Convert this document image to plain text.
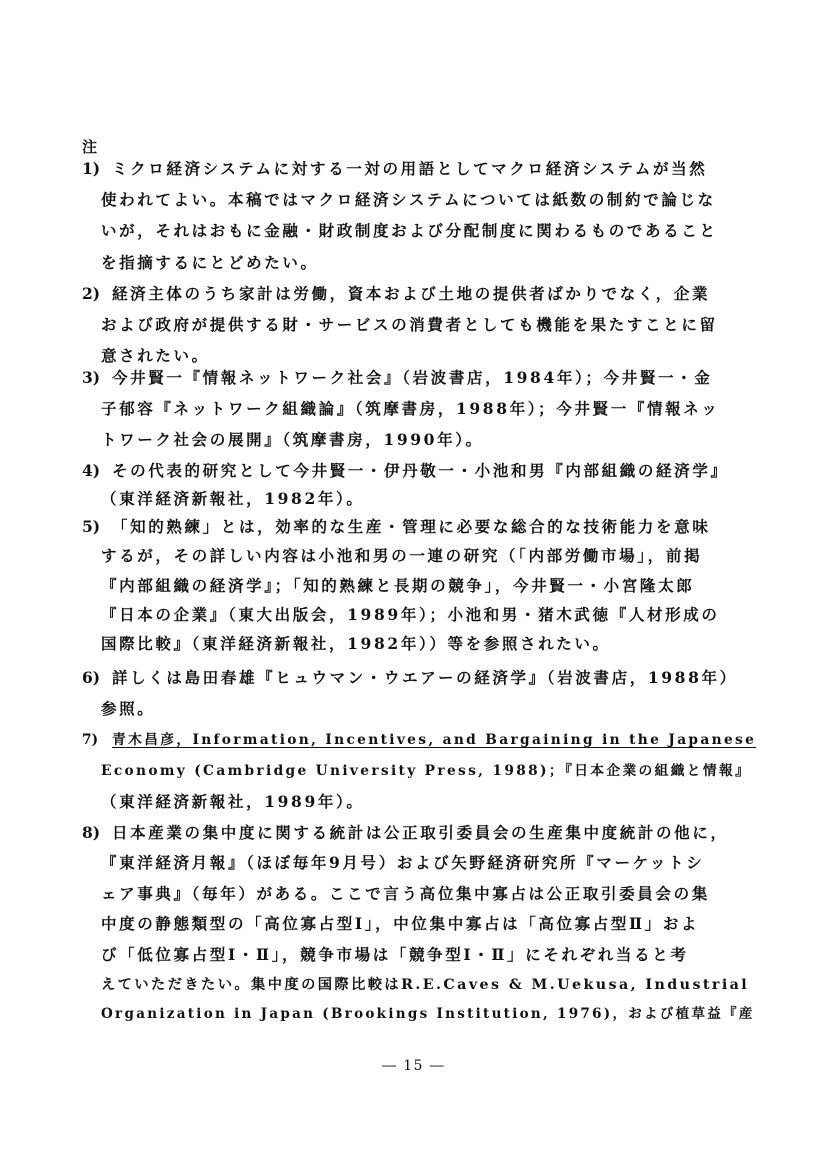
注
1) ミクロ経済システムに対する一対の用語としてマクロ経済システムが当然
使われてよい。本稿ではマクロ経済システムについては紙数の制約で論じな
いが，それはおもに金融・財政制度および分配制度に関わるものであること
を指摘するにとどめたい。
2) 経済主体のうち家計は労働，資本および土地の提供者ばかりでなく，企業
および政府が提供する財・サービスの消費者としても機能を果たすことに留
意されたい。
3) 今井賢一『情報ネットワーク社会』（岩波書店，1984年）；今井賢一・金
子郁容『ネットワーク組織論』（筑摩書房，1988年）；今井賢一『情報ネッ
トワーク社会の展開』（筑摩書房，1990年）。
4) その代表的研究として今井賢一・伊丹敬一・小池和男『内部組織の経済学』
（東洋経済新報社，1982年）。
5) 「知的熟練」とは，効率的な生産・管理に必要な総合的な技術能力を意味
するが，その詳しい内容は小池和男の一連の研究（「内部労働市場」，前掲
『内部組織の経済学』；「知的熟練と長期の競争」，今井賢一・小宮隆太郎
『日本の企業』（東大出版会，1989年）；小池和男・猪木武徳『人材形成の
国際比較』（東洋経済新報社，1982年））等を参照されたい。
6) 詳しくは島田春雄『ヒュウマン・ウエアーの経済学』（岩波書店，1988年）
参照。
7) 青木昌彦，Information, Incentives, and Bargaining in the Japanese
Economy (Cambridge University Press, 1988)；『日本企業の組織と情報』
（東洋経済新報社，1989年）。
8) 日本産業の集中度に関する統計は公正取引委員会の生産集中度統計の他に，
『東洋経済月報』（ほぼ毎年9月号）および矢野経済研究所『マーケットシ
ェア事典』（毎年）がある。ここで言う高位集中寡占は公正取引委員会の集
中度の静態類型の「高位寡占型Ⅰ」，中位集中寡占は「高位寡占型Ⅱ」およ
び「低位寡占型Ⅰ・Ⅱ」，競争市場は「競争型Ⅰ・Ⅱ」にそれぞれ当ると考
えていただきたい。集中度の国際比較はR.E.Caves & M.Uekusa, Industrial
Organization in Japan (Brookings Institution, 1976)，および植草益『産
― 15 ―
